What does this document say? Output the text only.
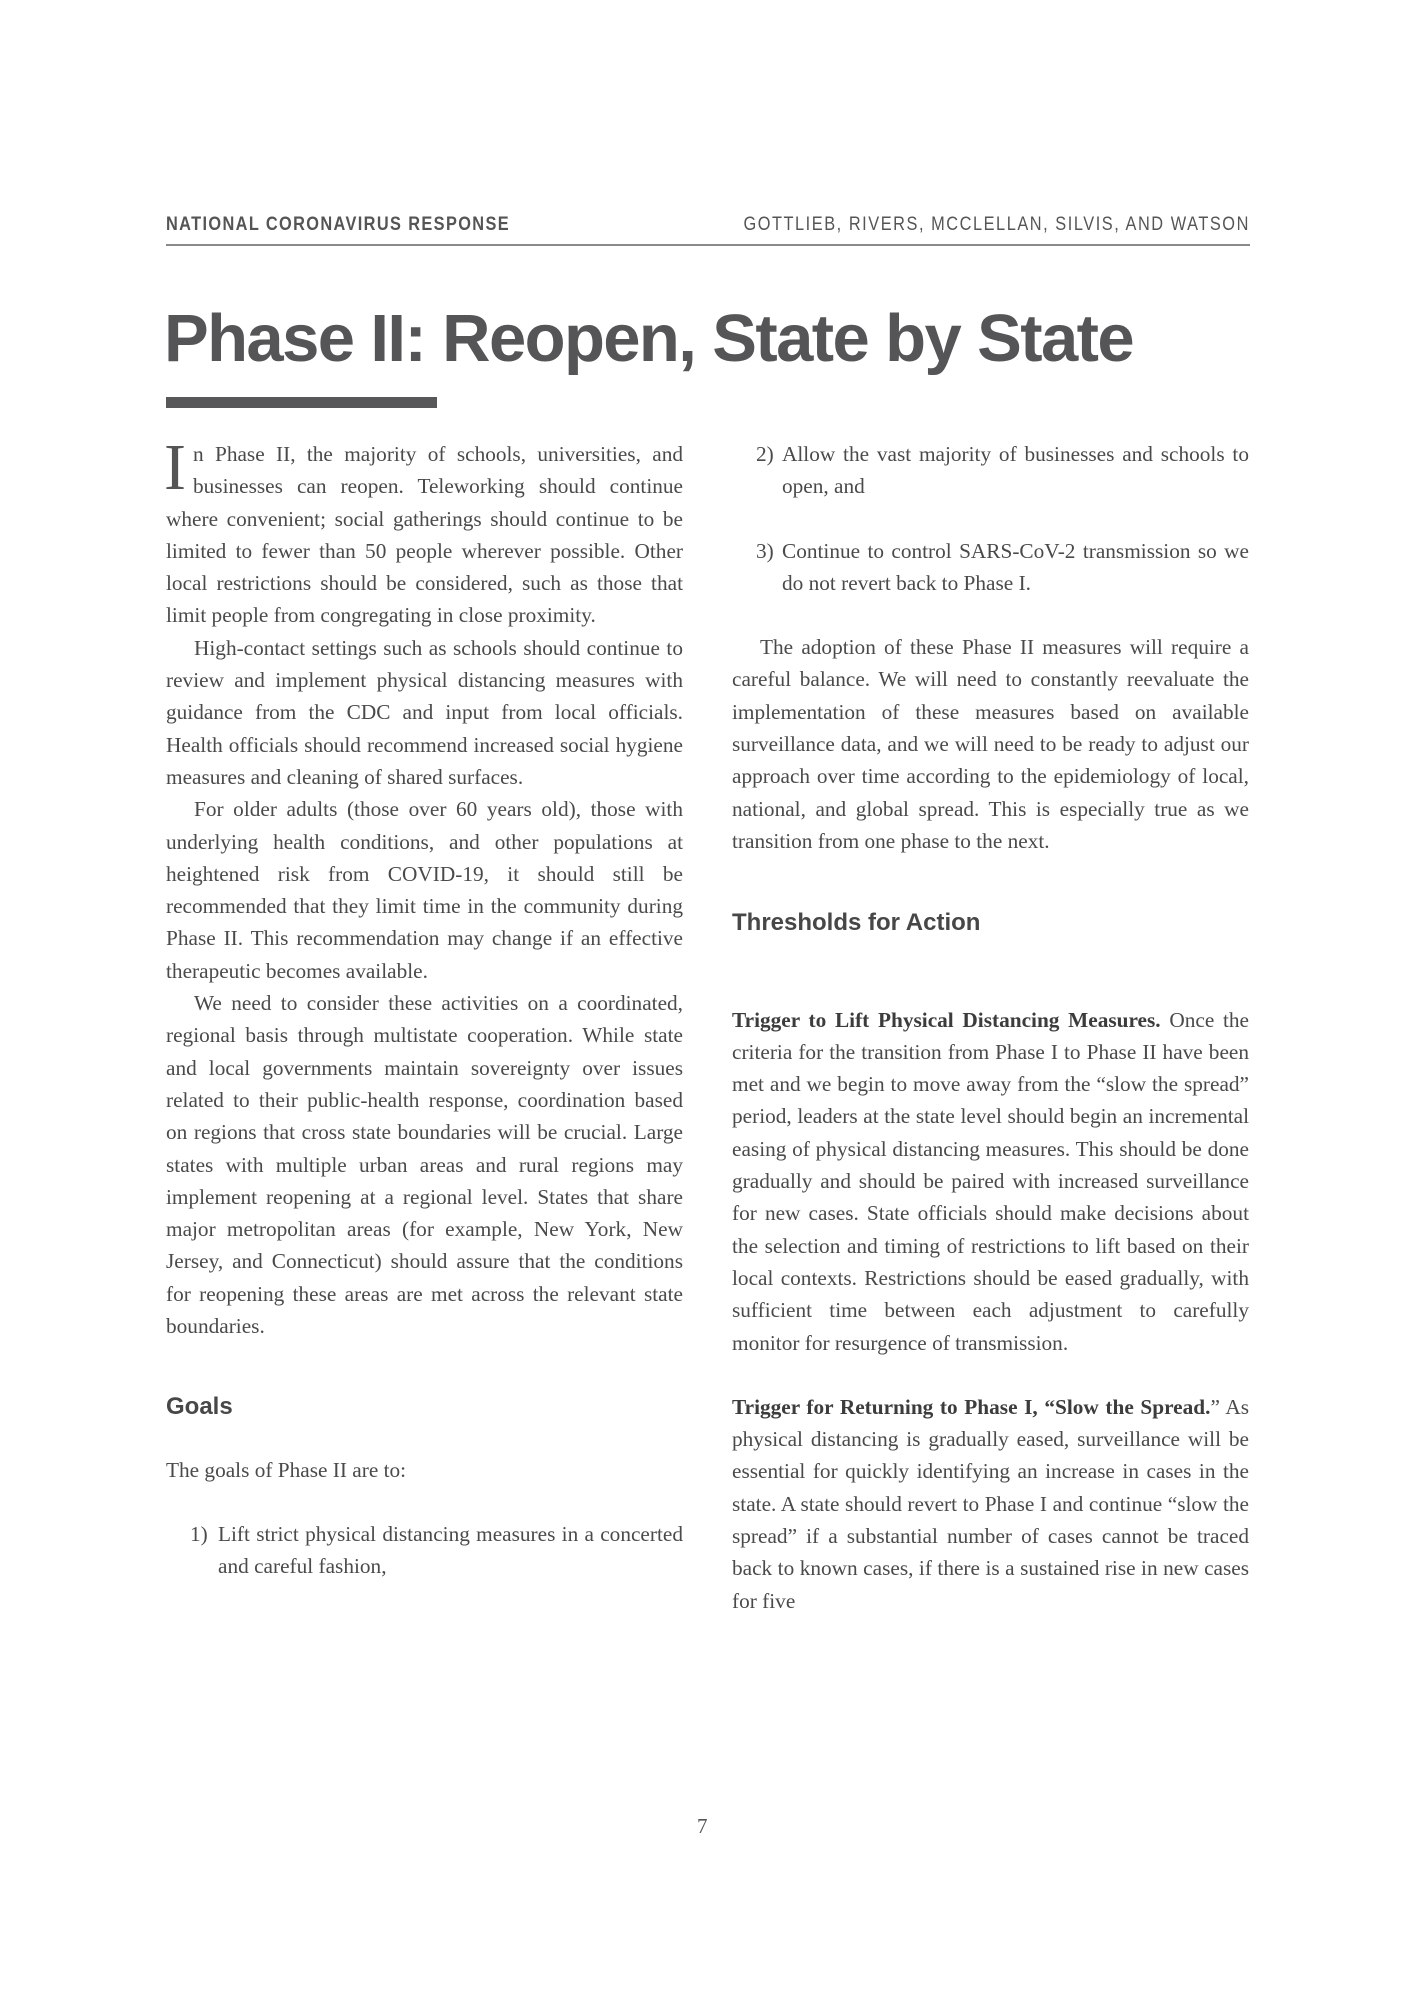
NATIONAL CORONAVIRUS RESPONSE	GOTTLIEB, RIVERS, MCCLELLAN, SILVIS, AND WATSON
Phase II: Reopen, State by State

In Phase II, the majority of schools, universities, and businesses can reopen. Teleworking should continue where convenient; social gatherings should continue to be limited to fewer than 50 people wherever possible. Other local restrictions should be considered, such as those that limit people from congregating in close proximity.

High-contact settings such as schools should continue to review and implement physical distancing measures with guidance from the CDC and input from local officials. Health officials should recommend increased social hygiene measures and cleaning of shared surfaces.

For older adults (those over 60 years old), those with underlying health conditions, and other populations at heightened risk from COVID-19, it should still be recommended that they limit time in the community during Phase II. This recommendation may change if an effective therapeutic becomes available.

We need to consider these activities on a coordinated, regional basis through multistate cooperation. While state and local governments maintain sovereignty over issues related to their public-health response, coordination based on regions that cross state boundaries will be crucial. Large states with multiple urban areas and rural regions may implement reopening at a regional level. States that share major metropolitan areas (for example, New York, New Jersey, and Connecticut) should assure that the conditions for reopening these areas are met across the relevant state boundaries.

Goals

The goals of Phase II are to:

1) Lift strict physical distancing measures in a concerted and careful fashion,
2) Allow the vast majority of businesses and schools to open, and
3) Continue to control SARS-CoV-2 transmission so we do not revert back to Phase I.

The adoption of these Phase II measures will require a careful balance. We will need to constantly reevaluate the implementation of these measures based on available surveillance data, and we will need to be ready to adjust our approach over time according to the epidemiology of local, national, and global spread. This is especially true as we transition from one phase to the next.

Thresholds for Action

Trigger to Lift Physical Distancing Measures. Once the criteria for the transition from Phase I to Phase II have been met and we begin to move away from the “slow the spread” period, leaders at the state level should begin an incremental easing of physical distancing measures. This should be done gradually and should be paired with increased surveillance for new cases. State officials should make decisions about the selection and timing of restrictions to lift based on their local contexts. Restrictions should be eased gradually, with sufficient time between each adjustment to carefully monitor for resurgence of transmission.

Trigger for Returning to Phase I, “Slow the Spread.” As physical distancing is gradually eased, surveillance will be essential for quickly identifying an increase in cases in the state. A state should revert to Phase I and continue “slow the spread” if a substantial number of cases cannot be traced back to known cases, if there is a sustained rise in new cases for five

7
